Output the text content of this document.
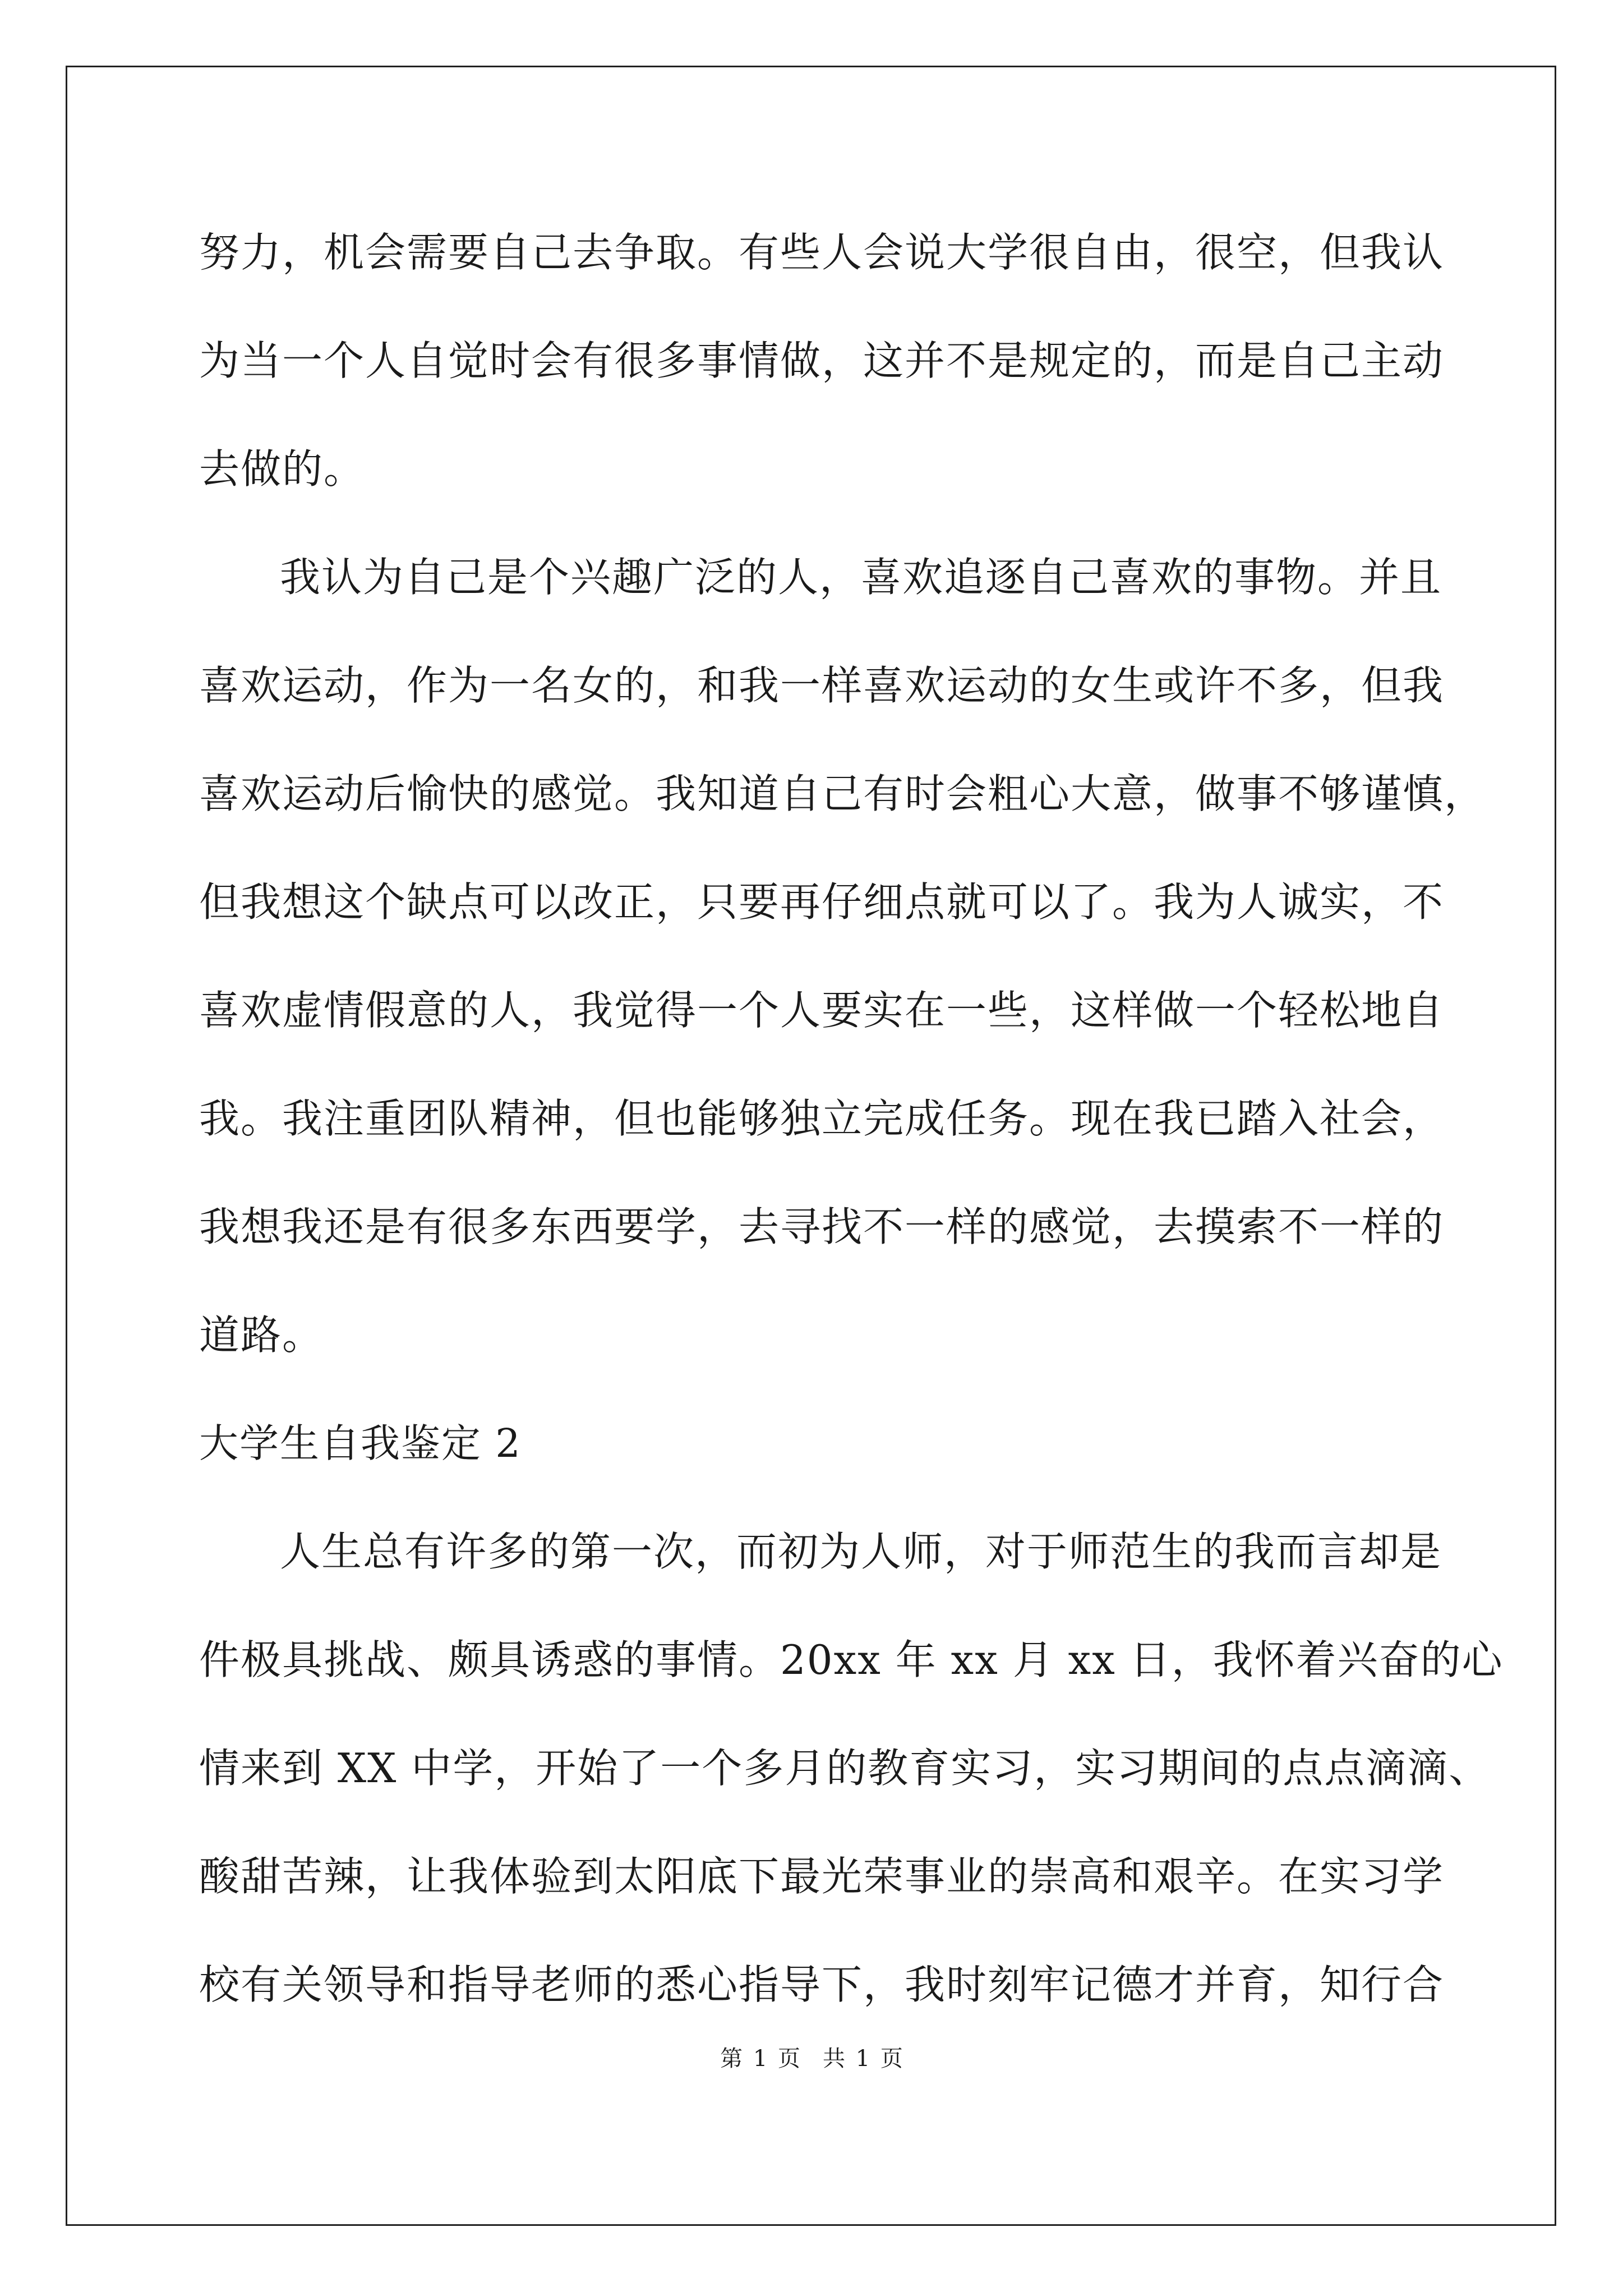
努力，机会需要自己去争取。有些人会说大学很自由，很空，但我认
为当一个人自觉时会有很多事情做，这并不是规定的，而是自己主动
去做的。
我认为自己是个兴趣广泛的人，喜欢追逐自己喜欢的事物。并且
喜欢运动，作为一名女的，和我一样喜欢运动的女生或许不多，但我
喜欢运动后愉快的感觉。我知道自己有时会粗心大意，做事不够谨慎，
但我想这个缺点可以改正，只要再仔细点就可以了。我为人诚实，不
喜欢虚情假意的人，我觉得一个人要实在一些，这样做一个轻松地自
我。我注重团队精神，但也能够独立完成任务。现在我已踏入社会，
我想我还是有很多东西要学，去寻找不一样的感觉，去摸索不一样的
道路。
大学生自我鉴定 2
人生总有许多的第一次，而初为人师，对于师范生的我而言却是
件极具挑战、颇具诱惑的事情。20xx 年 xx 月 xx 日，我怀着兴奋的心
情来到 XX 中学，开始了一个多月的教育实习，实习期间的点点滴滴、
酸甜苦辣，让我体验到太阳底下最光荣事业的崇高和艰辛。在实习学
校有关领导和指导老师的悉心指导下，我时刻牢记德才并育，知行合
第 1 页　共 1 页
